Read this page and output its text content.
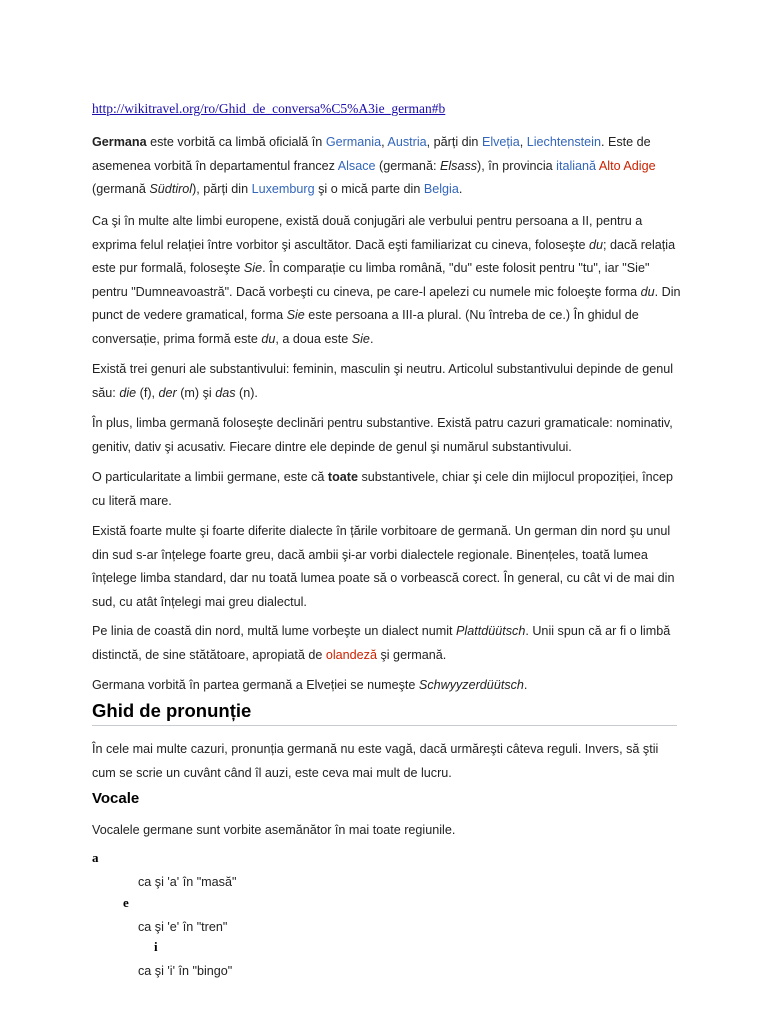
http://wikitravel.org/ro/Ghid_de_conversa%C5%A3ie_german#b
Germana este vorbită ca limbă oficială în Germania, Austria, părți din Elveția, Liechtenstein. Este de asemenea vorbită în departamentul francez Alsace (germană: Elsass), în provincia italiană Alto Adige (germană Südtirol), părți din Luxemburg şi o mică parte din Belgia.
Ca şi în multe alte limbi europene, există două conjugări ale verbului pentru persoana a II, pentru a exprima felul relației între vorbitor şi ascultător. Dacă eşti familiarizat cu cineva, foloseşte du; dacă relația este pur formală, foloseşte Sie. În comparație cu limba română, "du" este folosit pentru "tu", iar "Sie" pentru "Dumneavoastră". Dacă vorbeşti cu cineva, pe care-l apelezi cu numele mic foloeşte forma du. Din punct de vedere gramatical, forma Sie este persoana a III-a plural. (Nu întreba de ce.) În ghidul de conversație, prima formă este du, a doua este Sie.
Există trei genuri ale substantivului: feminin, masculin şi neutru. Articolul substantivului depinde de genul său: die (f), der (m) şi das (n).
În plus, limba germană foloseşte declinări pentru substantive. Există patru cazuri gramaticale: nominativ, genitiv, dativ şi acusativ. Fiecare dintre ele depinde de genul şi numărul substantivului.
O particularitate a limbii germane, este că toate substantivele, chiar şi cele din mijlocul propoziției, încep cu literă mare.
Există foarte multe şi foarte diferite dialecte în țările vorbitoare de germană. Un german din nord şu unul din sud s-ar înțelege foarte greu, dacă ambii şi-ar vorbi dialectele regionale. Binențeles, toată lumea înțelege limba standard, dar nu toată lumea poate să o vorbească corect. În general, cu cât vi de mai din sud, cu atât înțelegi mai greu dialectul.
Pe linia de coastă din nord, multă lume vorbeşte un dialect numit Plattdüütsch. Unii spun că ar fi o limbă distinctă, de sine stătătoare, apropiată de olandeză şi germană.
Germana vorbită în partea germană a Elveției se numeşte Schwyyzerdüütsch.
Ghid de pronunție
În cele mai multe cazuri, pronunția germană nu este vagă, dacă urmăreşti câteva reguli. Invers, să ştii cum se scrie un cuvânt când îl auzi, este ceva mai mult de lucru.
Vocale
Vocalele germane sunt vorbite asemănător în mai toate regiunile.
a
ca şi 'a' în "masă"
e
ca şi 'e' în "tren"
i
ca şi 'i' în "bingo"
